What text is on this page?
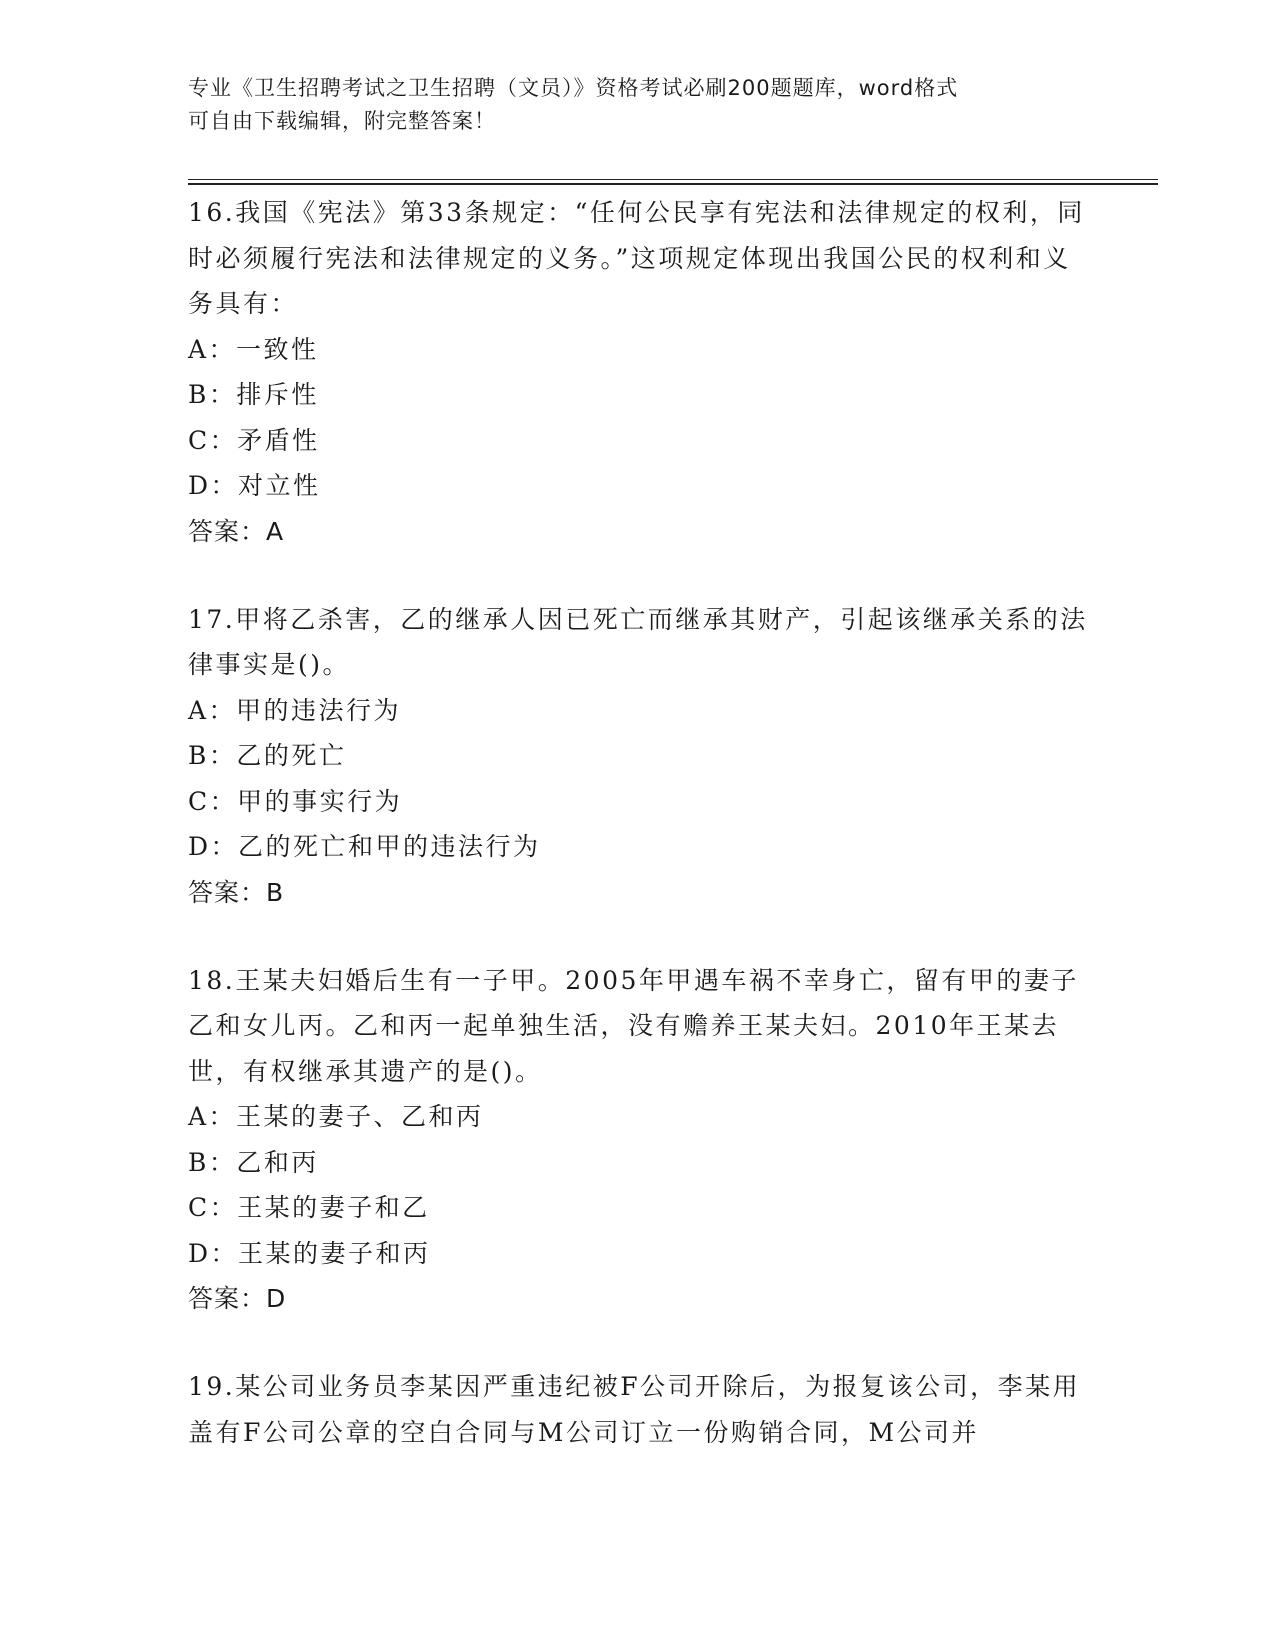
专业《卫生招聘考试之卫生招聘（文员）》资格考试必刷200题题库，word格式
可自由下载编辑，附完整答案！
16.我国《宪法》第33条规定：“任何公民享有宪法和法律规定的权利，同时必须履行宪法和法律规定的义务。”这项规定体现出我国公民的权利和义务具有：
A：一致性
B：排斥性
C：矛盾性
D：对立性
答案：A
17.甲将乙杀害，乙的继承人因已死亡而继承其财产，引起该继承关系的法律事实是()。
A：甲的违法行为
B：乙的死亡
C：甲的事实行为
D：乙的死亡和甲的违法行为
答案：B
18.王某夫妇婚后生有一子甲。2005年甲遇车祸不幸身亡，留有甲的妻子乙和女儿丙。乙和丙一起单独生活，没有赡养王某夫妇。2010年王某去世，有权继承其遗产的是()。
A：王某的妻子、乙和丙
B：乙和丙
C：王某的妻子和乙
D：王某的妻子和丙
答案：D
19.某公司业务员李某因严重违纪被F公司开除后，为报复该公司，李某用盖有F公司公章的空白合同与M公司订立一份购销合同，M公司并
